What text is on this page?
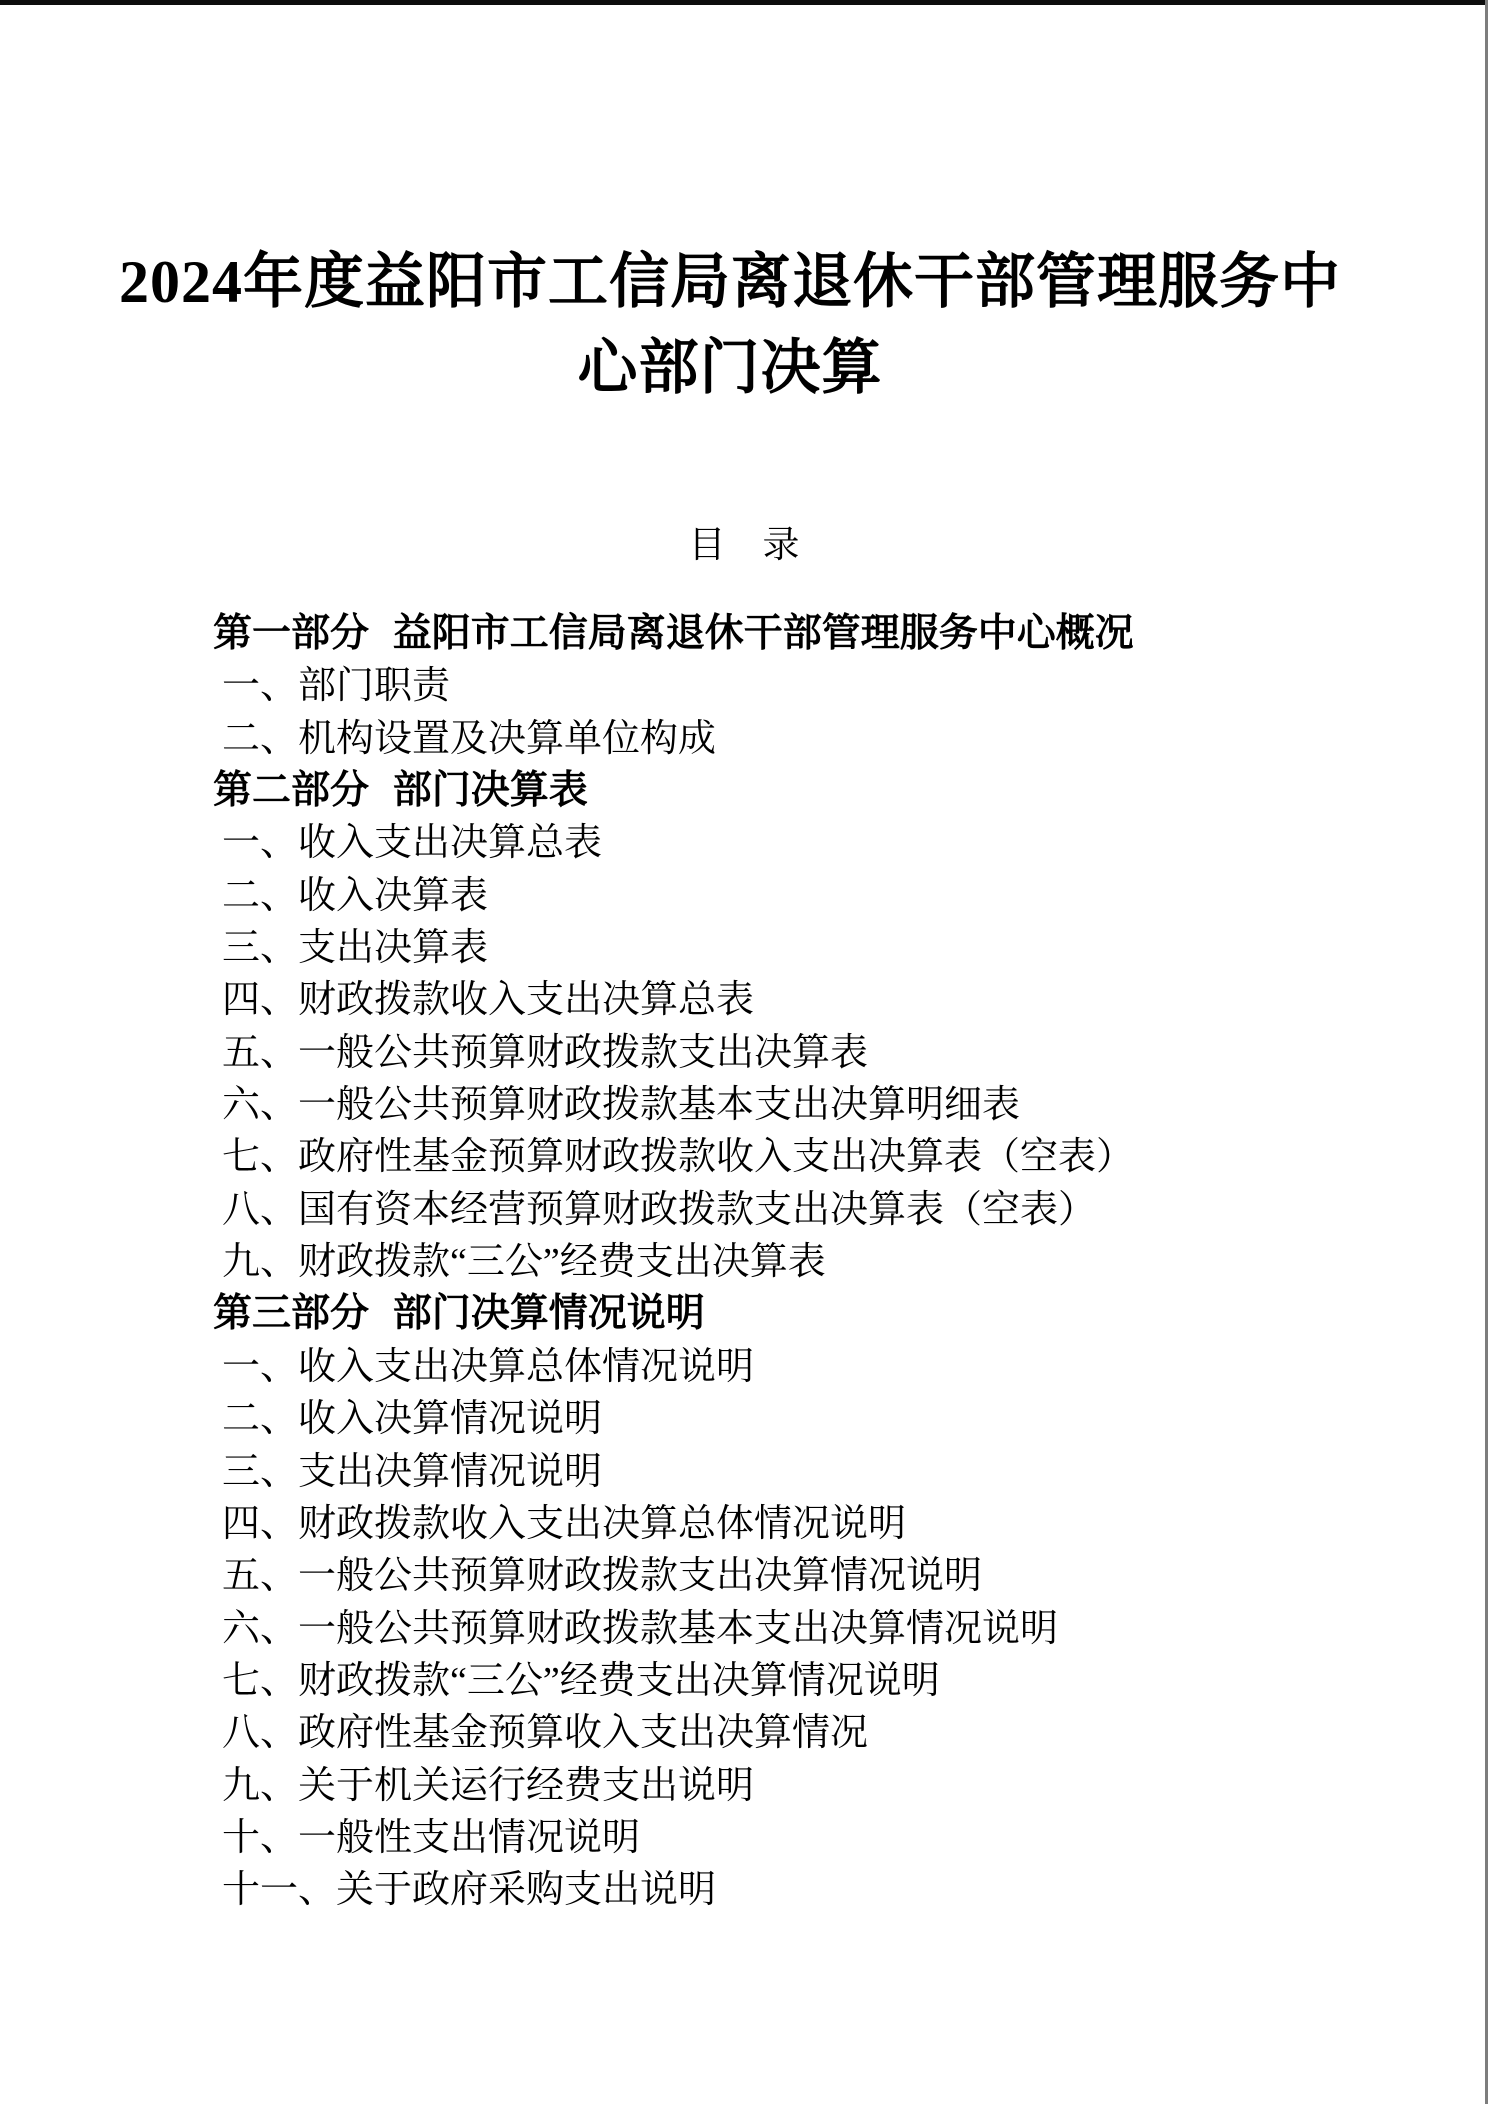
2024年度益阳市工信局离退休干部管理服务中
心部门决算
目　录
第一部分 益阳市工信局离退休干部管理服务中心概况
一、部门职责
二、机构设置及决算单位构成
第二部分 部门决算表
一、收入支出决算总表
二、收入决算表
三、支出决算表
四、财政拨款收入支出决算总表
五、一般公共预算财政拨款支出决算表
六、一般公共预算财政拨款基本支出决算明细表
七、政府性基金预算财政拨款收入支出决算表（空表）
八、国有资本经营预算财政拨款支出决算表（空表）
九、财政拨款“三公”经费支出决算表
第三部分 部门决算情况说明
一、收入支出决算总体情况说明
二、收入决算情况说明
三、支出决算情况说明
四、财政拨款收入支出决算总体情况说明
五、一般公共预算财政拨款支出决算情况说明
六、一般公共预算财政拨款基本支出决算情况说明
七、财政拨款“三公”经费支出决算情况说明
八、政府性基金预算收入支出决算情况
九、关于机关运行经费支出说明
十、一般性支出情况说明
十一、关于政府采购支出说明
